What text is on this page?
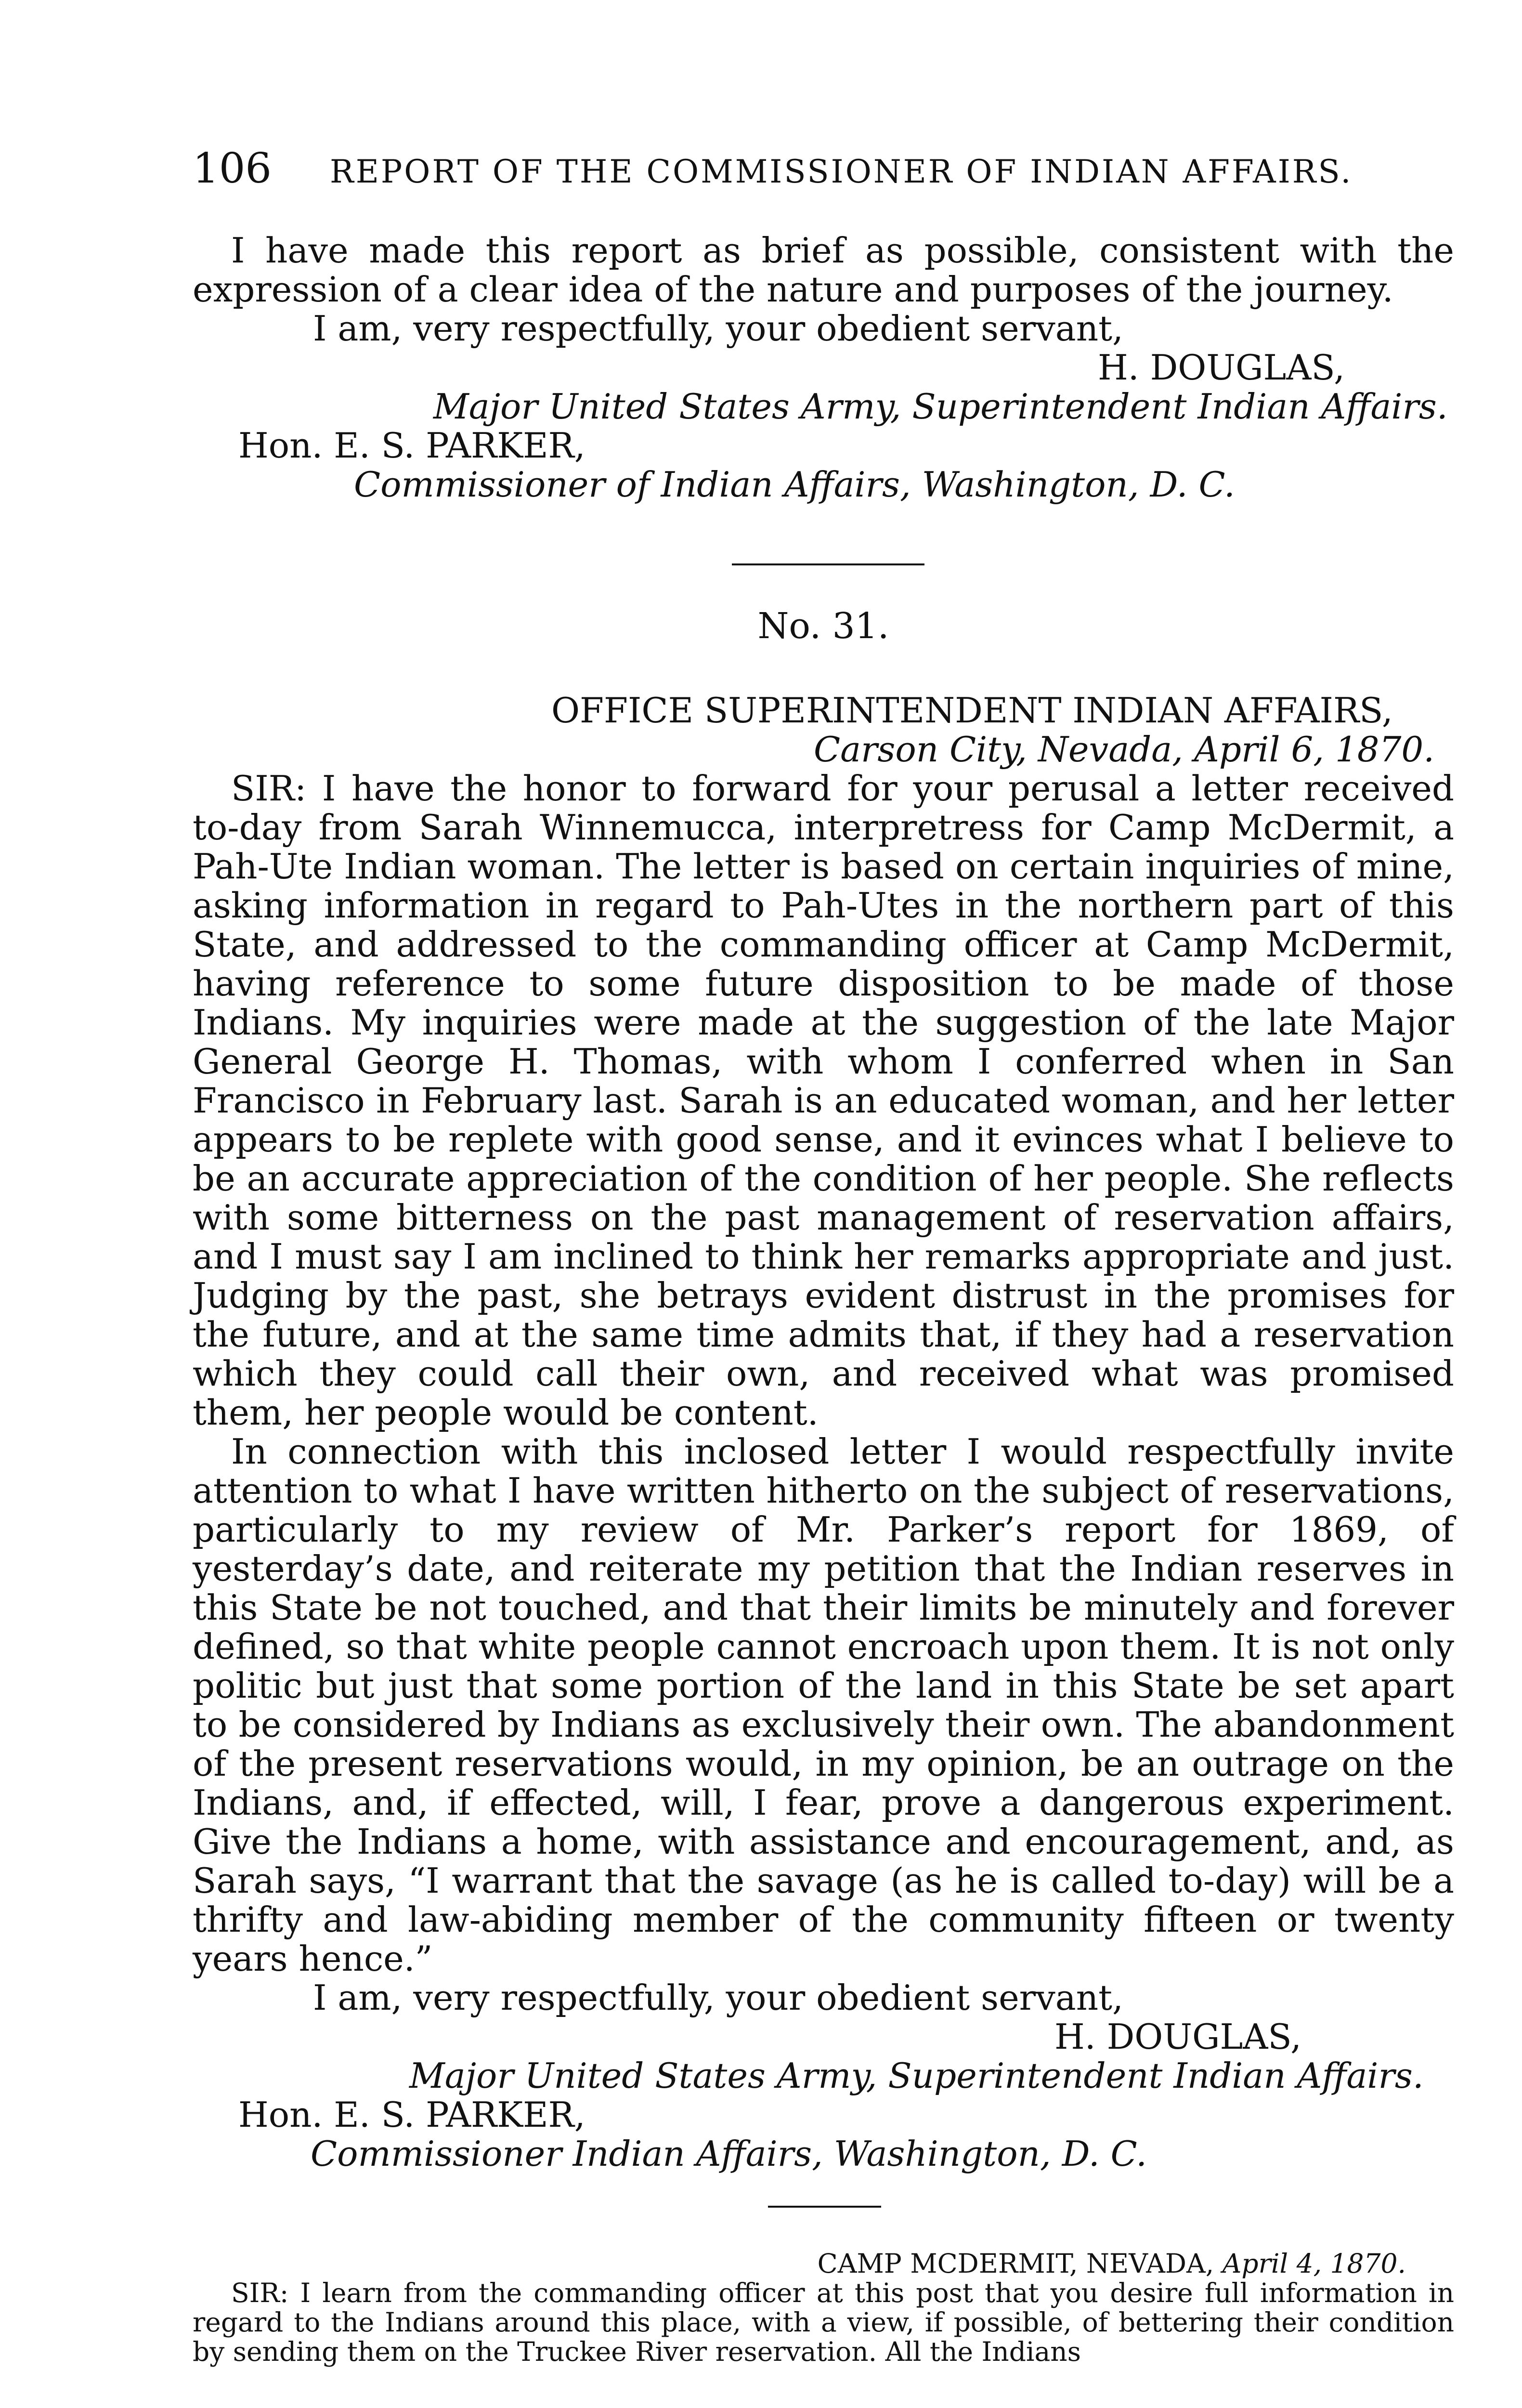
106 REPORT OF THE COMMISSIONER OF INDIAN AFFAIRS.

I have made this report as brief as possible, consistent with the expression of a clear idea of the nature and purposes of the journey.

I am, very respectfully, your obedient servant,

H. DOUGLAS,

Major United States Army, Superintendent Indian Affairs.

Hon. E. S. PARKER,

Commissioner of Indian Affairs, Washington, D. C.

No. 31.

OFFICE SUPERINTENDENT INDIAN AFFAIRS,

Carson City, Nevada, April 6, 1870.

SIR: I have the honor to forward for your perusal a letter received to-day from Sarah Winnemucca, interpretress for Camp McDermit, a Pah-Ute Indian woman. The letter is based on certain inquiries of mine, asking information in regard to Pah-Utes in the northern part of this State, and addressed to the commanding officer at Camp McDermit, having reference to some future disposition to be made of those Indians. My inquiries were made at the suggestion of the late Major General George H. Thomas, with whom I conferred when in San Francisco in February last. Sarah is an educated woman, and her letter appears to be replete with good sense, and it evinces what I believe to be an accurate appreciation of the condition of her people. She reflects with some bitterness on the past management of reservation affairs, and I must say I am inclined to think her remarks appropriate and just. Judging by the past, she betrays evident distrust in the promises for the future, and at the same time admits that, if they had a reservation which they could call their own, and received what was promised them, her people would be content.

In connection with this inclosed letter I would respectfully invite attention to what I have written hitherto on the subject of reservations, particularly to my review of Mr. Parker’s report for 1869, of yesterday’s date, and reiterate my petition that the Indian reserves in this State be not touched, and that their limits be minutely and forever defined, so that white people cannot encroach upon them. It is not only politic but just that some portion of the land in this State be set apart to be considered by Indians as exclusively their own. The abandonment of the present reservations would, in my opinion, be an outrage on the Indians, and, if effected, will, I fear, prove a dangerous experiment. Give the Indians a home, with assistance and encouragement, and, as Sarah says, “I warrant that the savage (as he is called to-day) will be a thrifty and law-abiding member of the community fifteen or twenty years hence.”

I am, very respectfully, your obedient servant,

H. DOUGLAS,

Major United States Army, Superintendent Indian Affairs.

Hon. E. S. PARKER,

Commissioner Indian Affairs, Washington, D. C.

CAMP MCDERMIT, NEVADA, April 4, 1870.

SIR: I learn from the commanding officer at this post that you desire full information in regard to the Indians around this place, with a view, if possible, of bettering their condition by sending them on the Truckee River reservation. All the Indians
